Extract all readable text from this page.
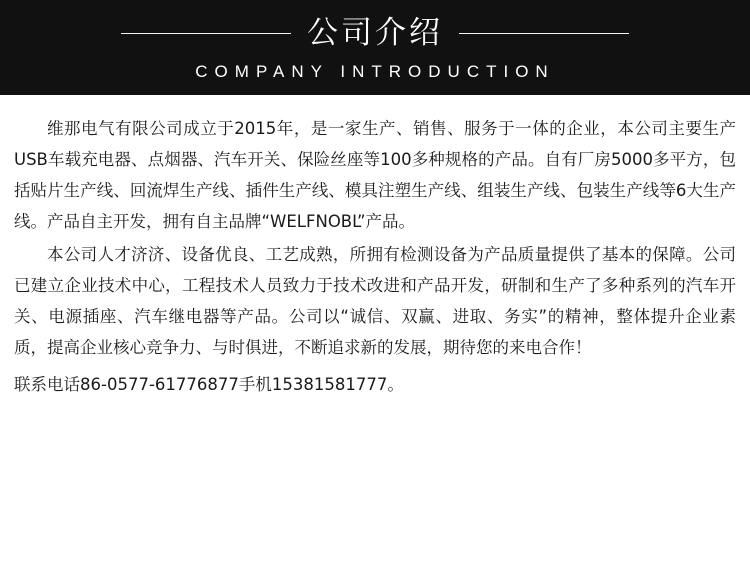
公司介绍
COMPANY INTRODUCTION

维那电气有限公司成立于2015年，是一家生产、销售、服务于一体的企业，本公司主要生产USB车载充电器、点烟器、汽车开关、保险丝座等100多种规格的产品。自有厂房5000多平方，包括贴片生产线、回流焊生产线、插件生产线、模具注塑生产线、组装生产线、包装生产线等6大生产线。产品自主开发，拥有自主品牌“WELFNOBL”产品。

本公司人才济济、设备优良、工艺成熟，所拥有检测设备为产品质量提供了基本的保障。公司已建立企业技术中心，工程技术人员致力于技术改进和产品开发，研制和生产了多种系列的汽车开关、电源插座、汽车继电器等产品。公司以“诚信、双赢、进取、务实”的精神，整体提升企业素质，提高企业核心竞争力、与时俱进，不断追求新的发展，期待您的来电合作！

联系电话86-0577-61776877手机15381581777。
